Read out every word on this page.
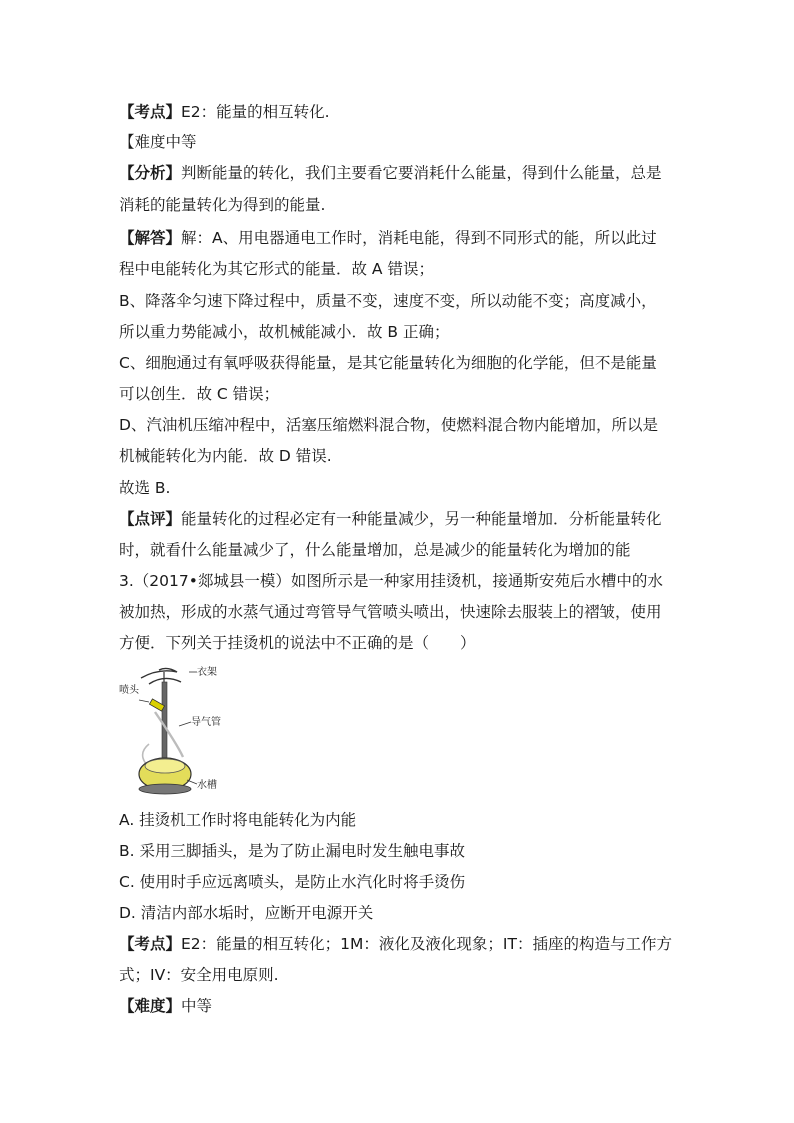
【考点】E2：能量的相互转化.
【难度中等
【分析】判断能量的转化，我们主要看它要消耗什么能量，得到什么能量，总是
消耗的能量转化为得到的能量.
【解答】解：A、用电器通电工作时，消耗电能，得到不同形式的能，所以此过
程中电能转化为其它形式的能量．故 A 错误；
B、降落伞匀速下降过程中，质量不变，速度不变，所以动能不变；高度减小，
所以重力势能减小，故机械能减小．故 B 正确；
C、细胞通过有氧呼吸获得能量，是其它能量转化为细胞的化学能，但不是能量
可以创生．故 C 错误；
D、汽油机压缩冲程中，活塞压缩燃料混合物，使燃料混合物内能增加，所以是
机械能转化为内能．故 D 错误.
故选 B.
【点评】能量转化的过程必定有一种能量减少，另一种能量增加．分析能量转化
时，就看什么能量减少了，什么能量增加，总是减少的能量转化为增加的能
3.（2017•郯城县一模）如图所示是一种家用挂烫机，接通斯安苑后水槽中的水
被加热，形成的水蒸气通过弯管导气管喷头喷出，快速除去服装上的褶皱，使用
方便．下列关于挂烫机的说法中不正确的是（　　）
衣架
喷头
导气管
水槽
A. 挂烫机工作时将电能转化为内能
B. 采用三脚插头，是为了防止漏电时发生触电事故
C. 使用时手应远离喷头，是防止水汽化时将手烫伤
D. 清洁内部水垢时，应断开电源开关
【考点】E2：能量的相互转化；1M：液化及液化现象；IT：插座的构造与工作方
式；IV：安全用电原则.
【难度】中等
